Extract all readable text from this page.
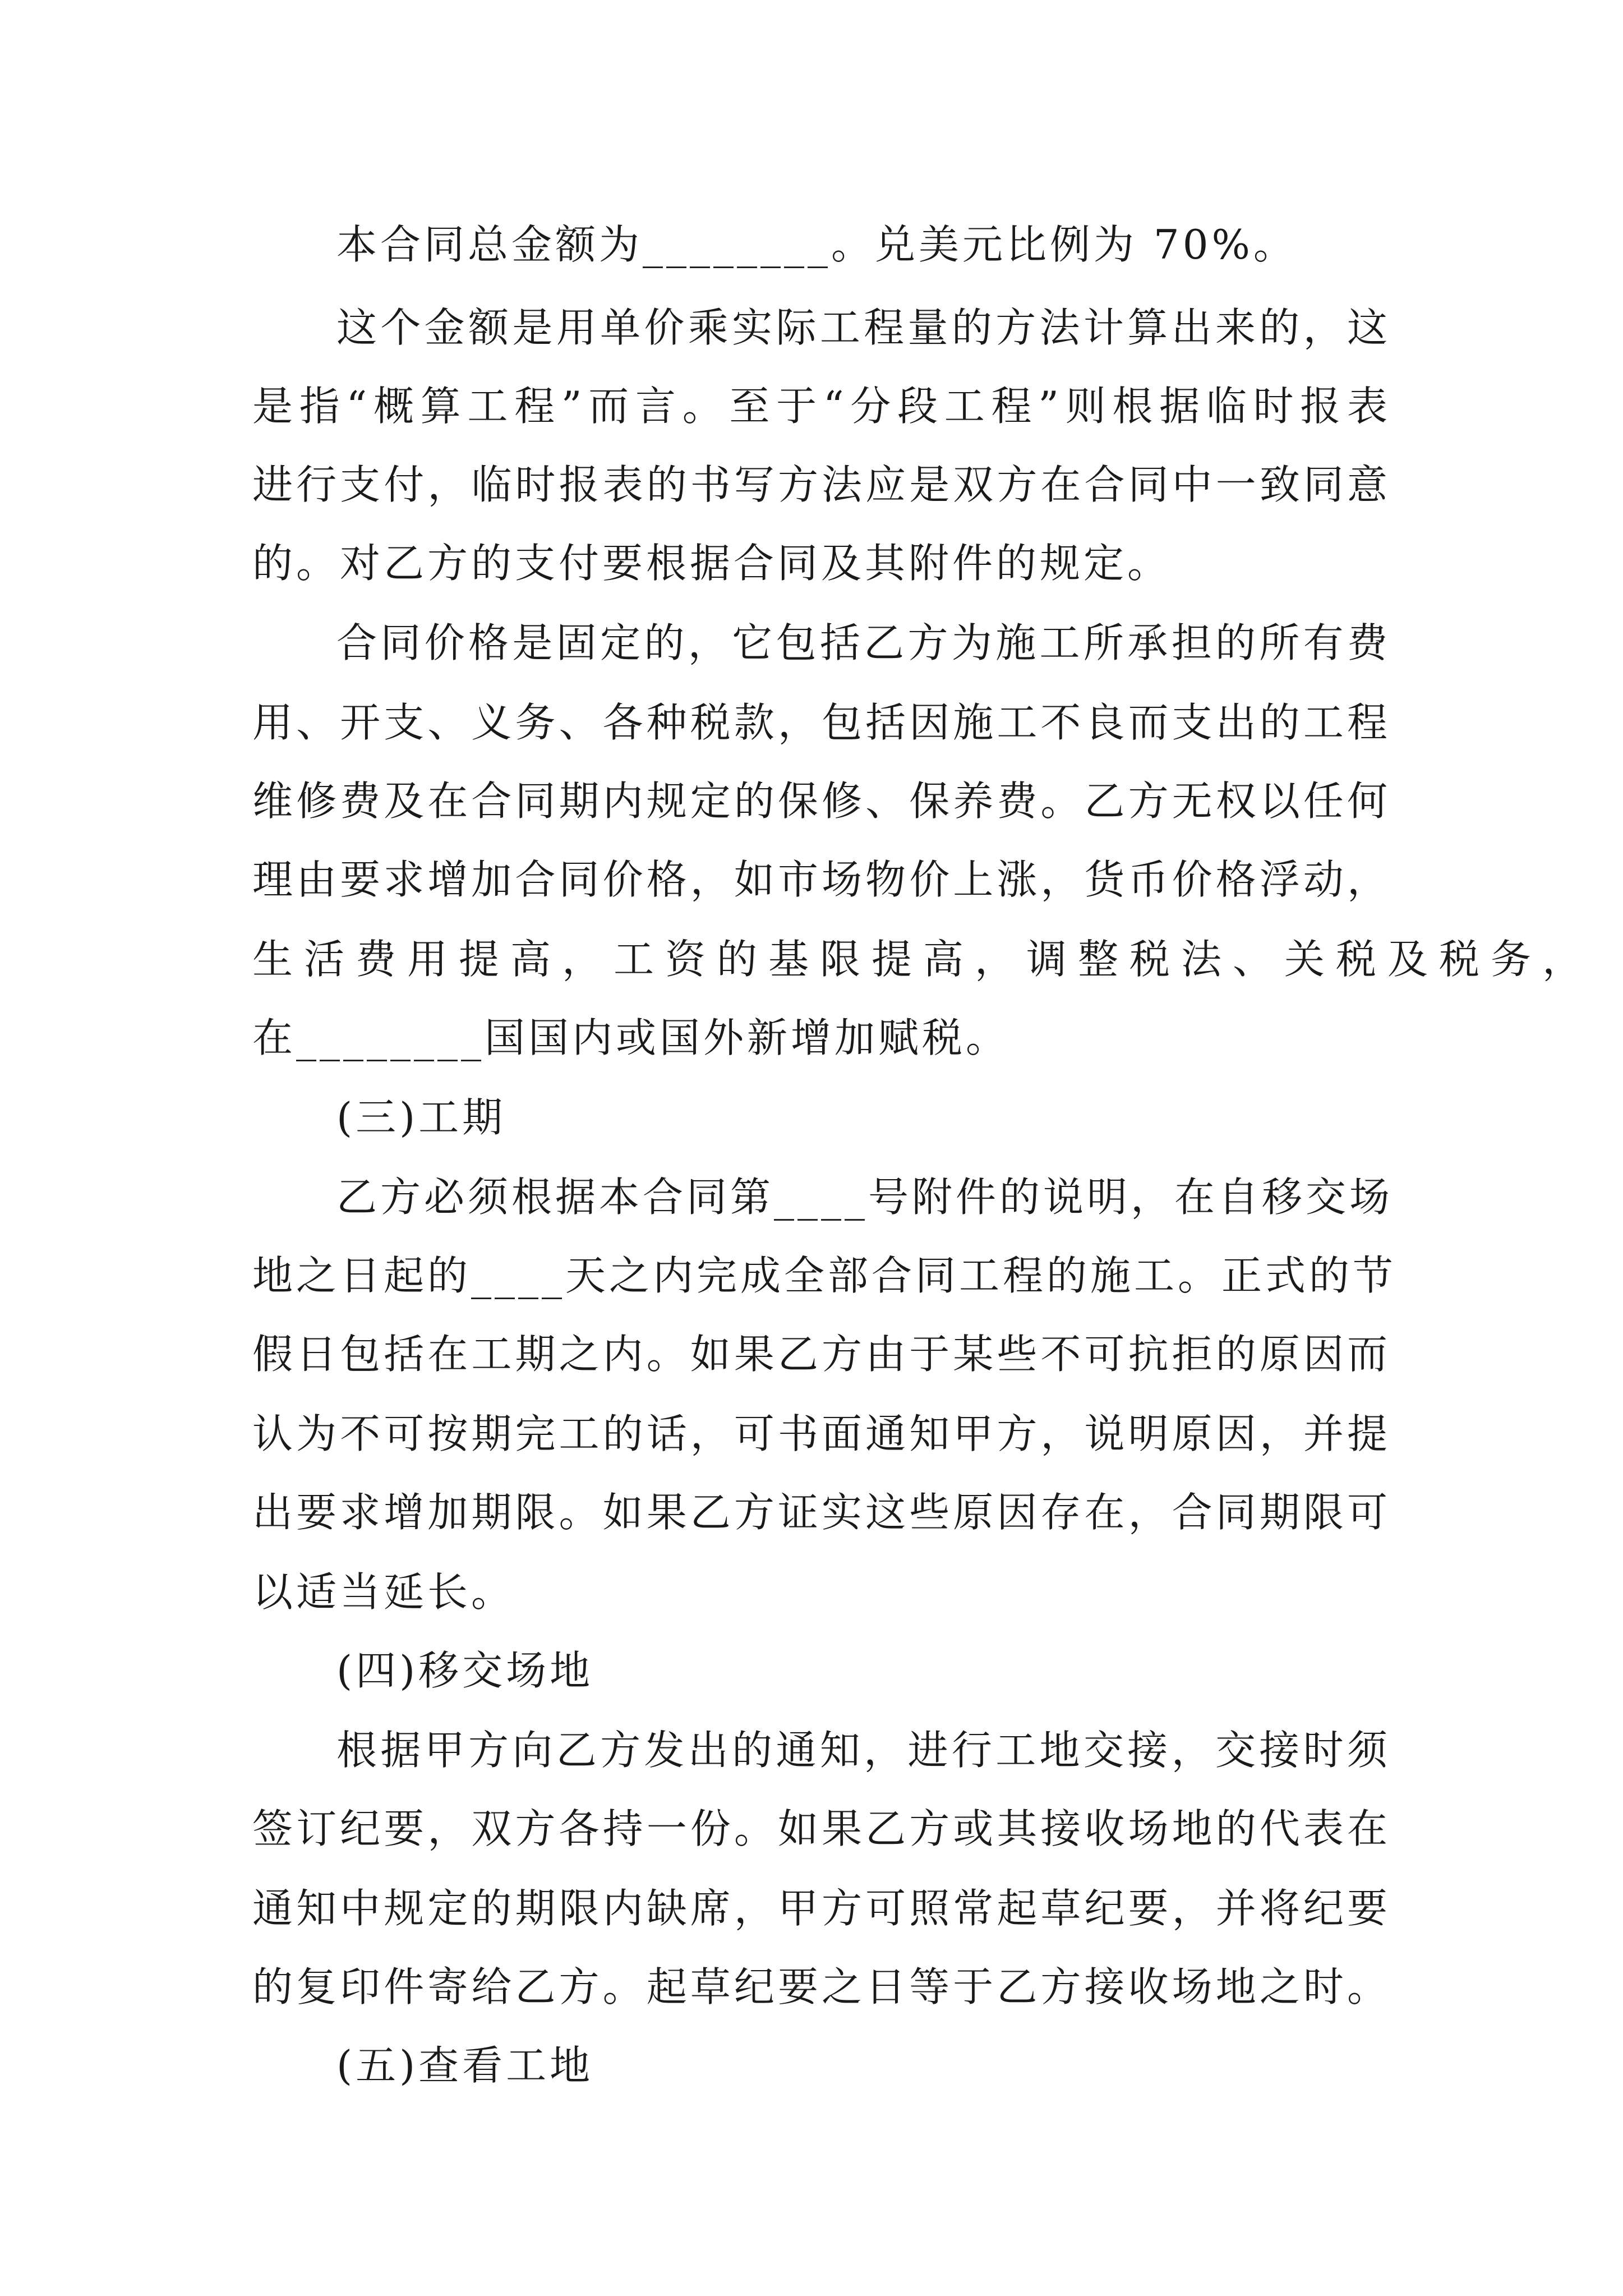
本合同总金额为________。兑美元比例为 70%。
这个金额是用单价乘实际工程量的方法计算出来的，这
是指“概算工程”而言。至于“分段工程”则根据临时报表
进行支付，临时报表的书写方法应是双方在合同中一致同意
的。对乙方的支付要根据合同及其附件的规定。
合同价格是固定的，它包括乙方为施工所承担的所有费
用、开支、义务、各种税款，包括因施工不良而支出的工程
维修费及在合同期内规定的保修、保养费。乙方无权以任何
理由要求增加合同价格，如市场物价上涨，货币价格浮动，
生活费用提高，工资的基限提高，调整税法、关税及税务，
在________国国内或国外新增加赋税。
(三)工期
乙方必须根据本合同第____号附件的说明，在自移交场
地之日起的____天之内完成全部合同工程的施工。正式的节
假日包括在工期之内。如果乙方由于某些不可抗拒的原因而
认为不可按期完工的话，可书面通知甲方，说明原因，并提
出要求增加期限。如果乙方证实这些原因存在，合同期限可
以适当延长。
(四)移交场地
根据甲方向乙方发出的通知，进行工地交接，交接时须
签订纪要，双方各持一份。如果乙方或其接收场地的代表在
通知中规定的期限内缺席，甲方可照常起草纪要，并将纪要
的复印件寄给乙方。起草纪要之日等于乙方接收场地之时。
(五)查看工地
